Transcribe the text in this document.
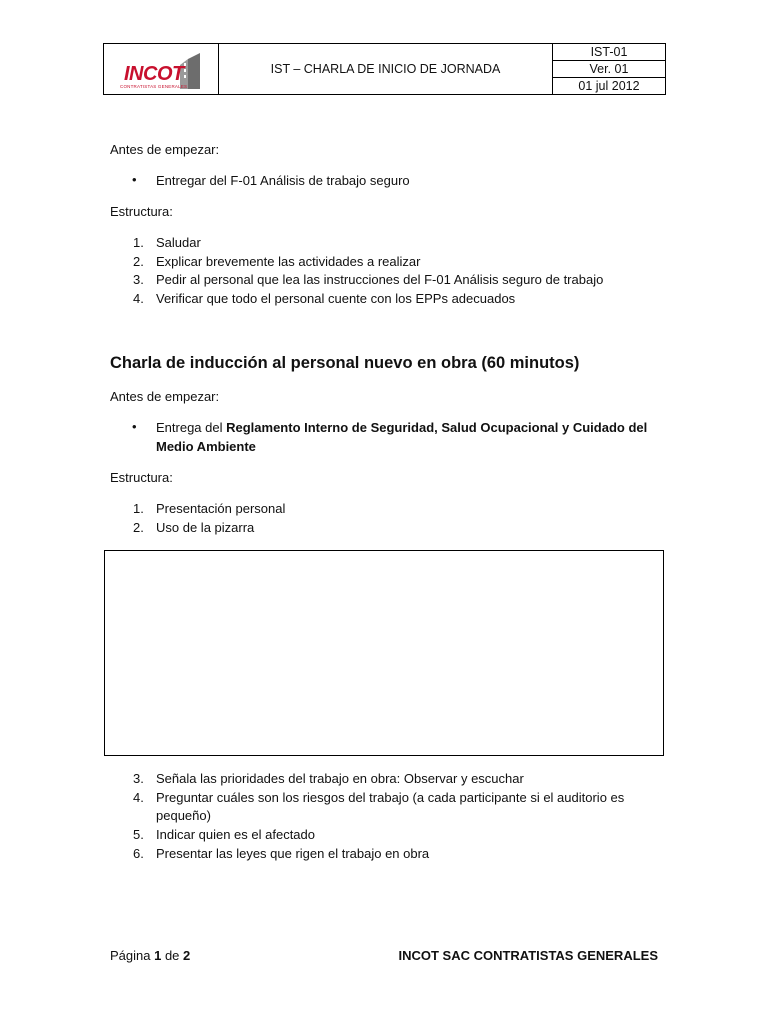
INCOT
CONTRATISTAS GENERALES
IST – CHARLA DE INICIO DE JORNADA
IST-01
Ver. 01
01 jul 2012
Antes de empezar:
• Entregar del F-01 Análisis de trabajo seguro
Estructura:
1. Saludar
2. Explicar brevemente las actividades a realizar
3. Pedir al personal que lea las instrucciones del F-01 Análisis seguro de trabajo
4. Verificar que todo el personal cuente con los EPPs adecuados
Charla de inducción al personal nuevo en obra (60 minutos)
Antes de empezar:
• Entrega del Reglamento Interno de Seguridad, Salud Ocupacional y Cuidado del
Medio Ambiente
Estructura:
1. Presentación personal
2. Uso de la pizarra
3. Señala las prioridades del trabajo en obra: Observar y escuchar
4. Preguntar cuáles son los riesgos del trabajo (a cada participante si el auditorio es
pequeño)
5. Indicar quien es el afectado
6. Presentar las leyes que rigen el trabajo en obra
Página 1 de 2	INCOT SAC CONTRATISTAS GENERALES
